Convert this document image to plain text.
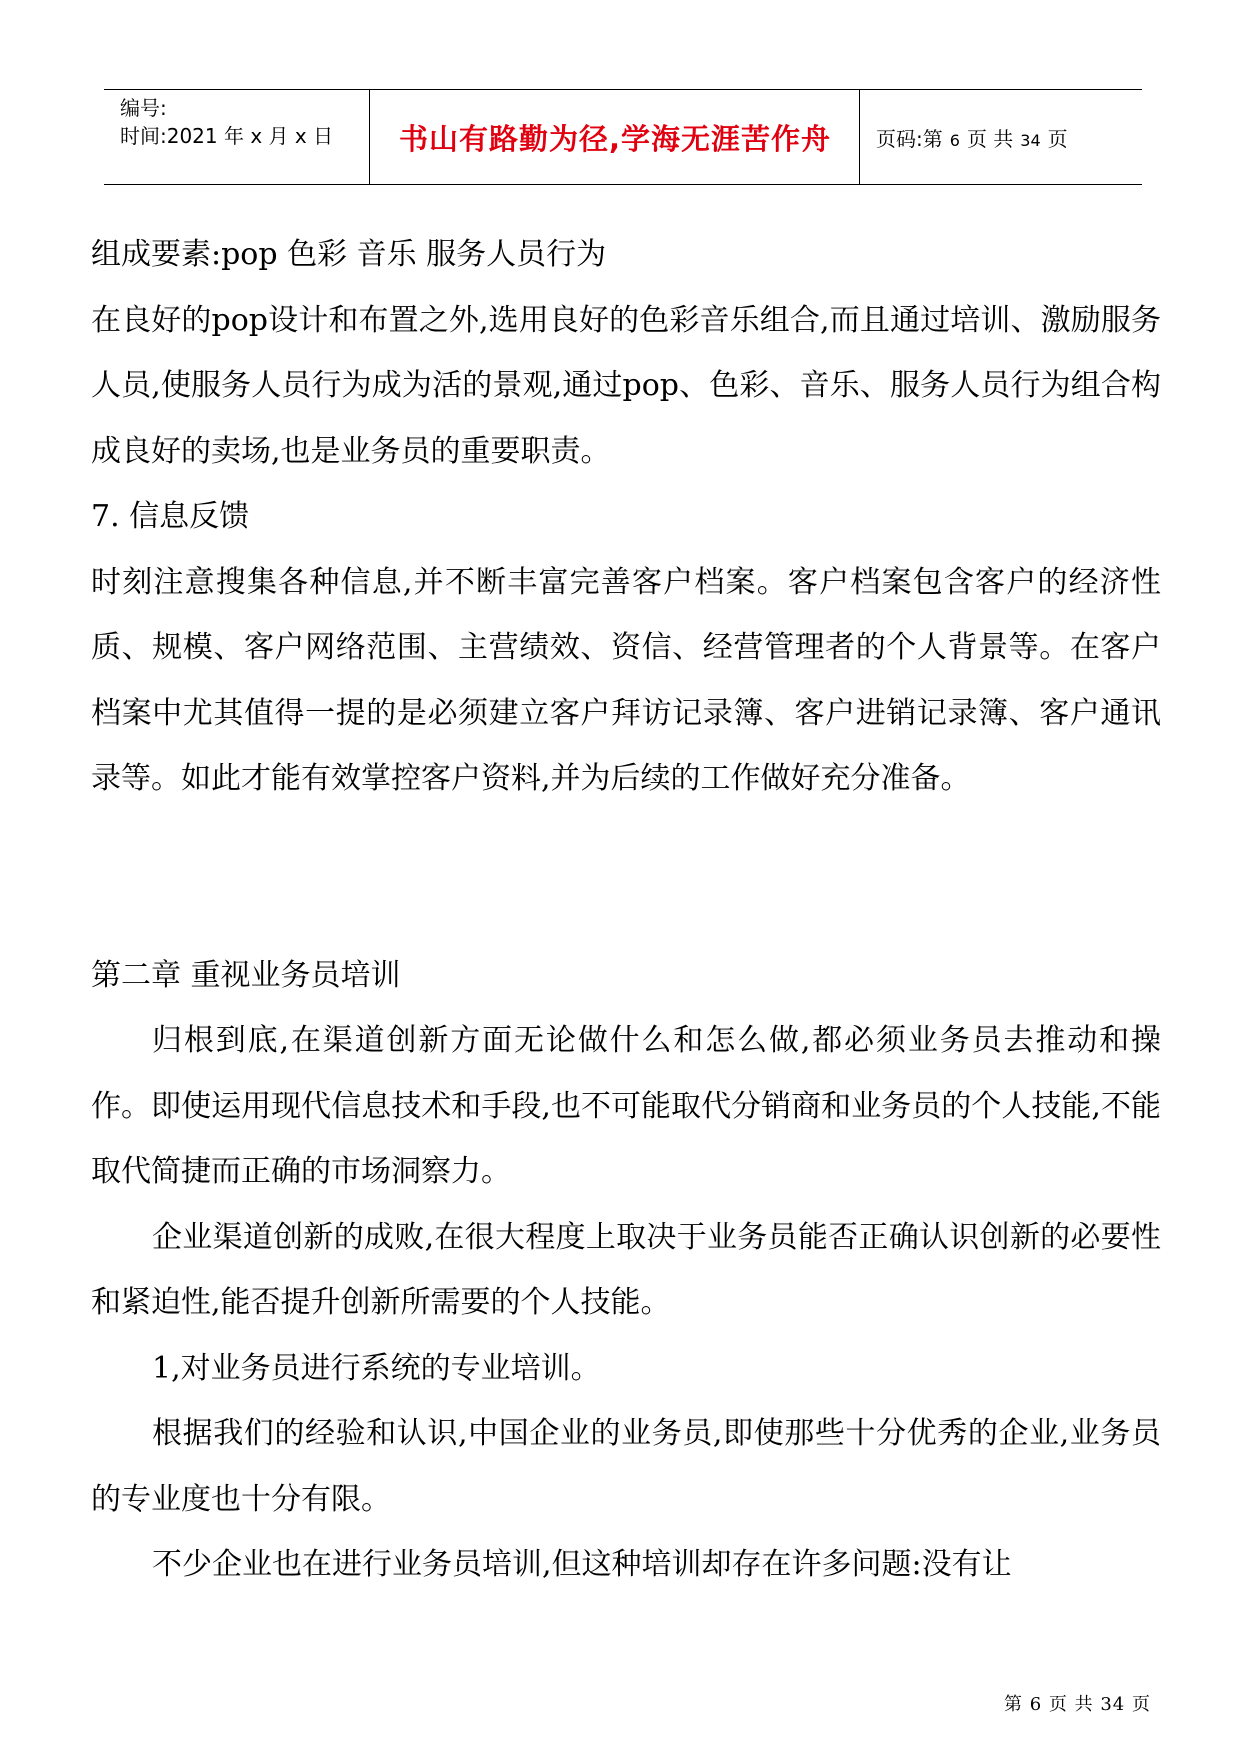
编号:
时间:2021 年 x 月 x 日	书山有路勤为径,学海无涯苦作舟	页码:第 6 页 共 34 页

组成要素:pop 色彩 音乐 服务人员行为

在良好的pop设计和布置之外,选用良好的色彩音乐组合,而且通过培训、激励服务人员,使服务人员行为成为活的景观,通过pop、色彩、音乐、服务人员行为组合构成良好的卖场,也是业务员的重要职责。

7. 信息反馈

时刻注意搜集各种信息,并不断丰富完善客户档案。客户档案包含客户的经济性质、规模、客户网络范围、主营绩效、资信、经营管理者的个人背景等。在客户档案中尤其值得一提的是必须建立客户拜访记录簿、客户进销记录簿、客户通讯录等。如此才能有效掌控客户资料,并为后续的工作做好充分准备。

第二章 重视业务员培训

归根到底,在渠道创新方面无论做什么和怎么做,都必须业务员去推动和操作。即使运用现代信息技术和手段,也不可能取代分销商和业务员的个人技能,不能取代简捷而正确的市场洞察力。

企业渠道创新的成败,在很大程度上取决于业务员能否正确认识创新的必要性和紧迫性,能否提升创新所需要的个人技能。

1,对业务员进行系统的专业培训。

根据我们的经验和认识,中国企业的业务员,即使那些十分优秀的企业,业务员的专业度也十分有限。

不少企业也在进行业务员培训,但这种培训却存在许多问题:没有让

第 6 页 共 34 页
